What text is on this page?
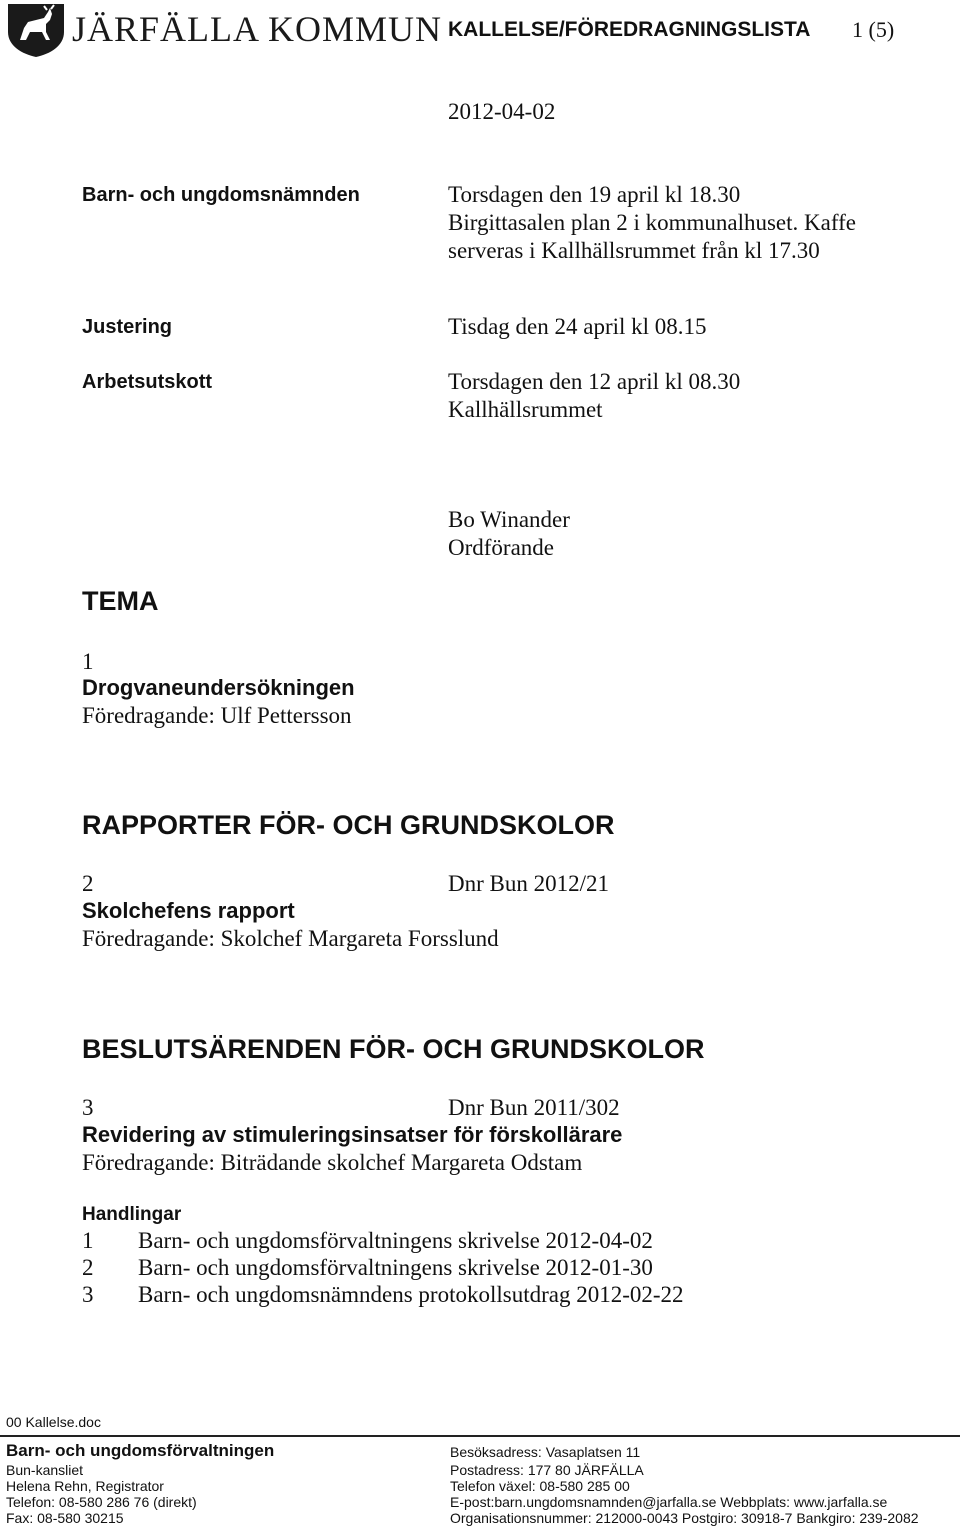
JÄRFÄLLA KOMMUN KALLELSE/FÖREDRAGNINGSLISTA 1 (5)
2012-04-02
Barn- och ungdomsnämnden	Torsdagen den 19 april kl 18.30
Birgittasalen plan 2 i kommunalhuset. Kaffe
serveras i Kallhällsrummet från kl 17.30
Justering	Tisdag den 24 april kl 08.15
Arbetsutskott	Torsdagen den 12 april kl 08.30
Kallhällsrummet
Bo Winander
Ordförande
TEMA
1
Drogvaneundersökningen
Föredragande: Ulf Pettersson
RAPPORTER FÖR- OCH GRUNDSKOLOR
2	Dnr Bun 2012/21
Skolchefens rapport
Föredragande: Skolchef Margareta Forsslund
BESLUTSÄRENDEN FÖR- OCH GRUNDSKOLOR
3	Dnr Bun 2011/302
Revidering av stimuleringsinsatser för förskollärare
Föredragande: Biträdande skolchef Margareta Odstam
Handlingar
1 Barn- och ungdomsförvaltningens skrivelse 2012-04-02
2 Barn- och ungdomsförvaltningens skrivelse 2012-01-30
3 Barn- och ungdomsnämndens protokollsutdrag 2012-02-22
00 Kallelse.doc
Barn- och ungdomsförvaltningen
Bun-kansliet
Helena Rehn, Registrator
Telefon: 08-580 286 76 (direkt)
Fax: 08-580 30215
Besöksadress: Vasaplatsen 11
Postadress: 177 80 JÄRFÄLLA
Telefon växel: 08-580 285 00
E-post:barn.ungdomsnamnden@jarfalla.se Webbplats: www.jarfalla.se
Organisationsnummer: 212000-0043 Postgiro: 30918-7 Bankgiro: 239-2082
